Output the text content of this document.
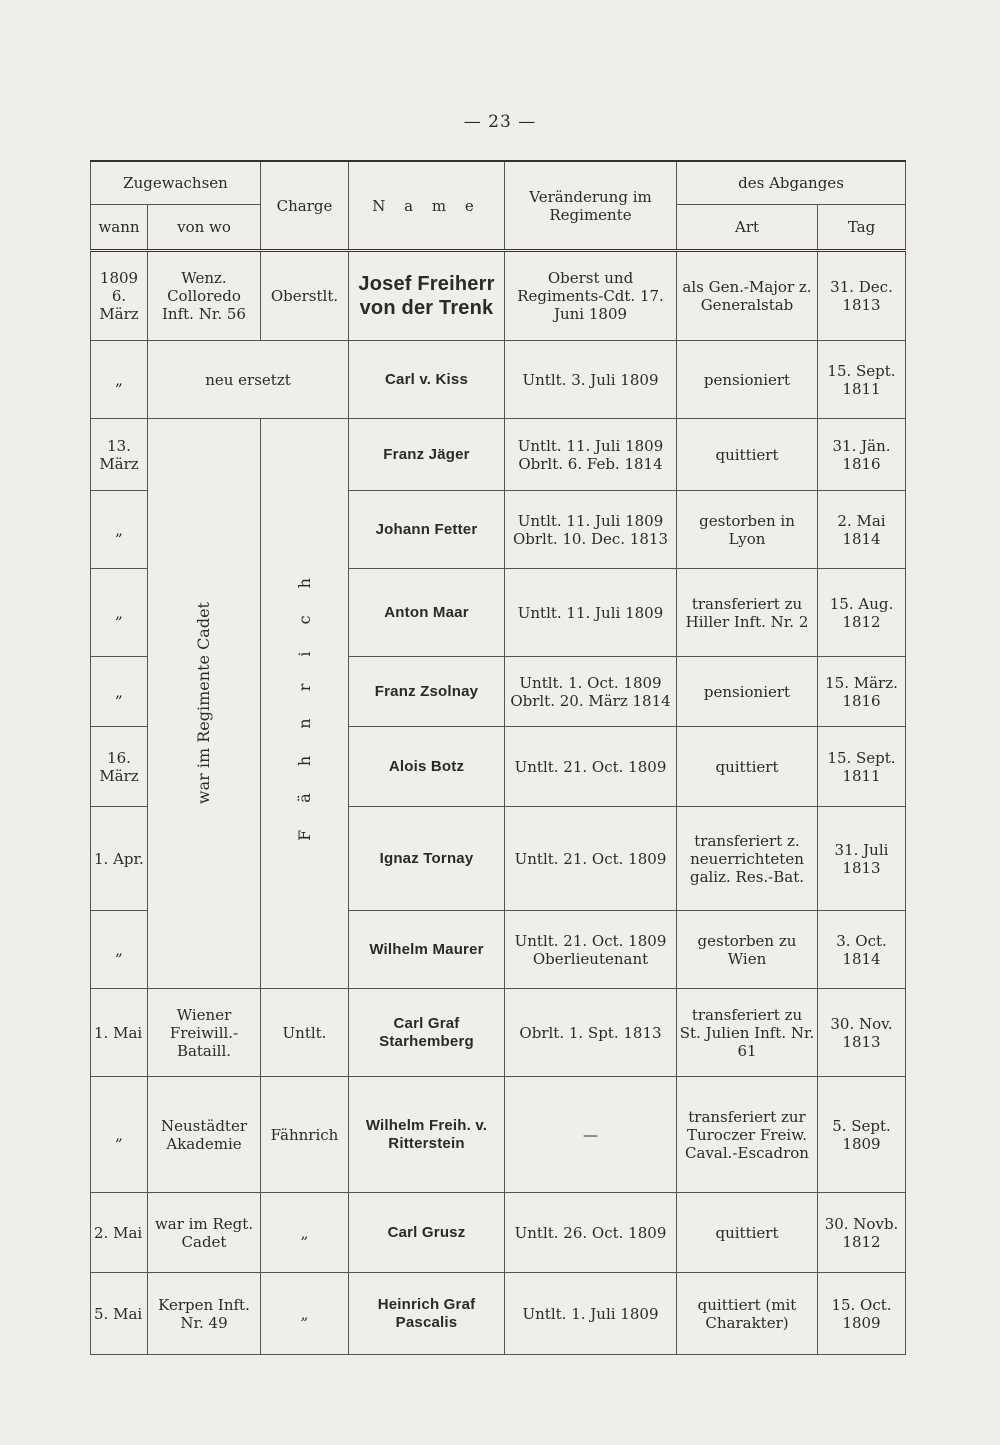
— 23 —
Zugewachsen		Charge	N a m e	Veränderung im Regimente	des Abganges	
wann	von wo				Art	Tag
1809 6. März	Wenz. Colloredo Inft. Nr. 56	Oberstlt.	Josef Freiherr von der Trenk	Oberst und Regiments-Cdt. 17. Juni 1809	als Gen.-Major z. Generalstab	31. Dec. 1813
„	neu ersetzt		Carl v. Kiss	Untlt. 3. Juli 1809	pensioniert	15. Sept. 1811
13. März	war im Regimente Cadet	F ä h n r i c h	Franz Jäger	Untlt. 11. Juli 1809 Obrlt. 6. Feb. 1814	quittiert	31. Jän. 1816
„			Johann Fetter	Untlt. 11. Juli 1809 Obrlt. 10. Dec. 1813	gestorben in Lyon	2. Mai 1814
„			Anton Maar	Untlt. 11. Juli 1809	transferiert zu Hiller Inft. Nr. 2	15. Aug. 1812
„			Franz Zsolnay	Untlt. 1. Oct. 1809 Obrlt. 20. März 1814	pensioniert	15. März. 1816
16. März			Alois Botz	Untlt. 21. Oct. 1809	quittiert	15. Sept. 1811
1. Apr.			Ignaz Tornay	Untlt. 21. Oct. 1809	transferiert z. neuerrichteten galiz. Res.-Bat.	31. Juli 1813
„			Wilhelm Maurer	Untlt. 21. Oct. 1809 Oberlieutenant	gestorben zu Wien	3. Oct. 1814
1. Mai	Wiener Freiwill.-Bataill.	Untlt.	Carl Graf Starhemberg	Obrlt. 1. Spt. 1813	transferiert zu St. Julien Inft. Nr. 61	30. Nov. 1813
„	Neustädter Akademie	Fähnrich	Wilhelm Freih. v. Ritterstein	—	transferiert zur Turoczer Freiw. Caval.-Escadron	5. Sept. 1809
2. Mai	war im Regt. Cadet	„	Carl Grusz	Untlt. 26. Oct. 1809	quittiert	30. Novb. 1812
5. Mai	Kerpen Inft. Nr. 49	„	Heinrich Graf Pascalis	Untlt. 1. Juli 1809	quittiert (mit Charakter)	15. Oct. 1809
